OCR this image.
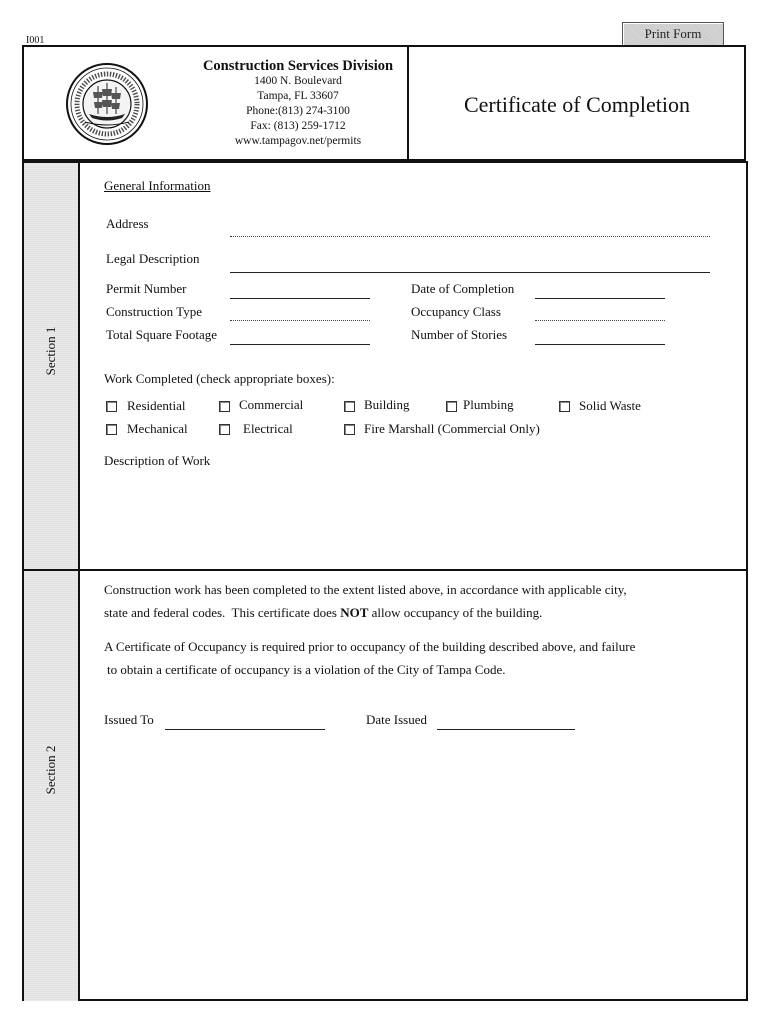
Print Form
I001
Construction Services Division
1400 N. Boulevard
Tampa, FL 33607
Phone:(813) 274-3100
Fax: (813) 259-1712
www.tampagov.net/permits
Certificate of Completion
Section 1
Section 2
General Information
Address
Legal Description
Permit Number	Date of Completion
Construction Type	Occupancy Class
Total Square Footage	Number of Stories
Work Completed (check appropriate boxes):
Residential	Commercial	Building	Plumbing	Solid Waste
Mechanical	Electrical	Fire Marshall (Commercial Only)
Description of Work
Construction work has been completed to the extent listed above, in accordance with applicable city,
state and federal codes.  This certificate does NOT allow occupancy of the building.
A Certificate of Occupancy is required prior to occupancy of the building described above, and failure
to obtain a certificate of occupancy is a violation of the City of Tampa Code.
Issued To	Date Issued
